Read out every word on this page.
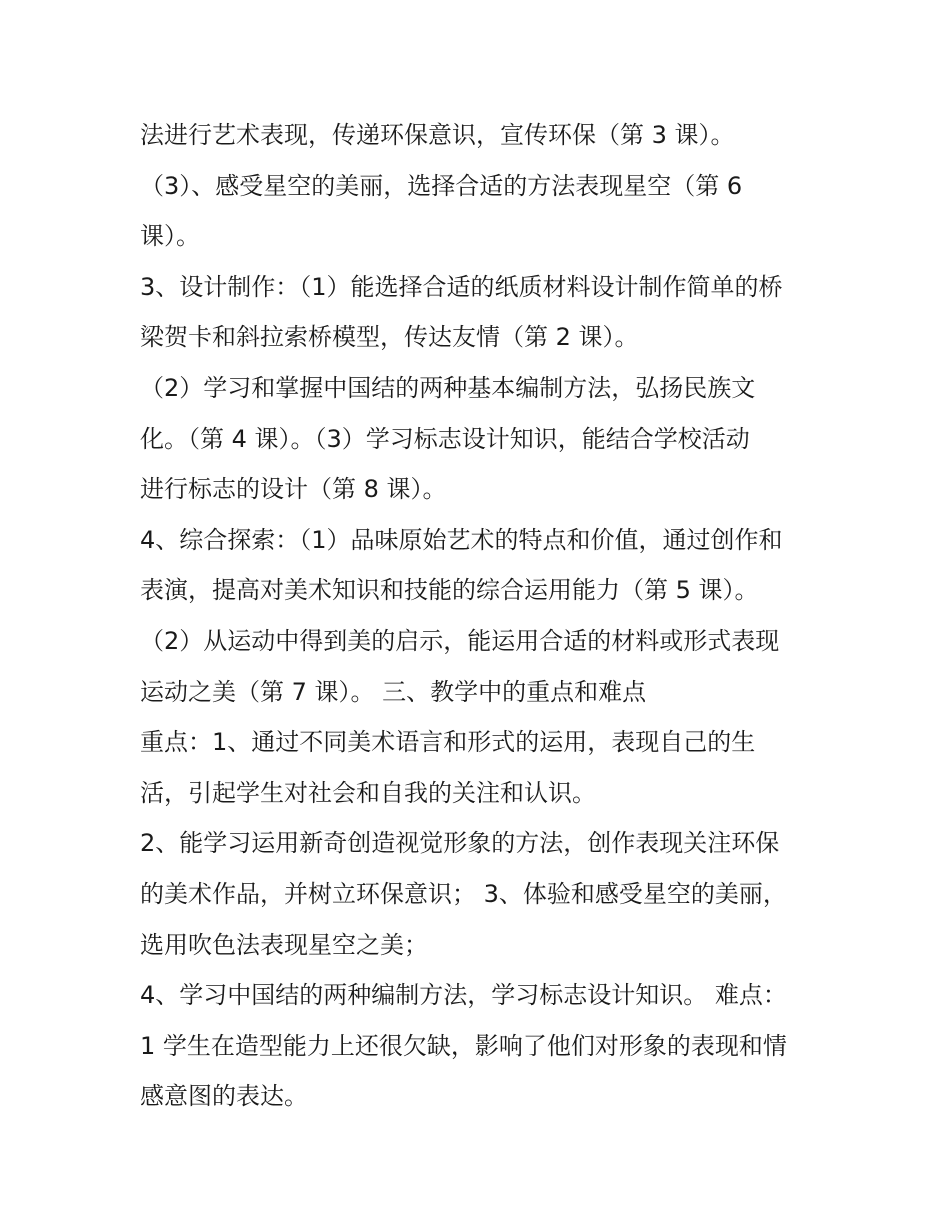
法进行艺术表现，传递环保意识，宣传环保（第 3 课）。
（3）、感受星空的美丽，选择合适的方法表现星空（第 6
课）。
3、设计制作：（1）能选择合适的纸质材料设计制作简单的桥
梁贺卡和斜拉索桥模型，传达友情（第 2 课）。
（2）学习和掌握中国结的两种基本编制方法，弘扬民族文
化。（第 4 课）。（3）学习标志设计知识，能结合学校活动
进行标志的设计（第 8 课）。
4、综合探索：（1）品味原始艺术的特点和价值，通过创作和
表演，提高对美术知识和技能的综合运用能力（第 5 课）。
（2）从运动中得到美的启示，能运用合适的材料或形式表现
运动之美（第 7 课）。 三、教学中的重点和难点
重点：1、通过不同美术语言和形式的运用，表现自己的生
活，引起学生对社会和自我的关注和认识。
2、能学习运用新奇创造视觉形象的方法，创作表现关注环保
的美术作品，并树立环保意识； 3、体验和感受星空的美丽，
选用吹色法表现星空之美；
4、学习中国结的两种编制方法，学习标志设计知识。 难点：
1 学生在造型能力上还很欠缺，影响了他们对形象的表现和情
感意图的表达。
